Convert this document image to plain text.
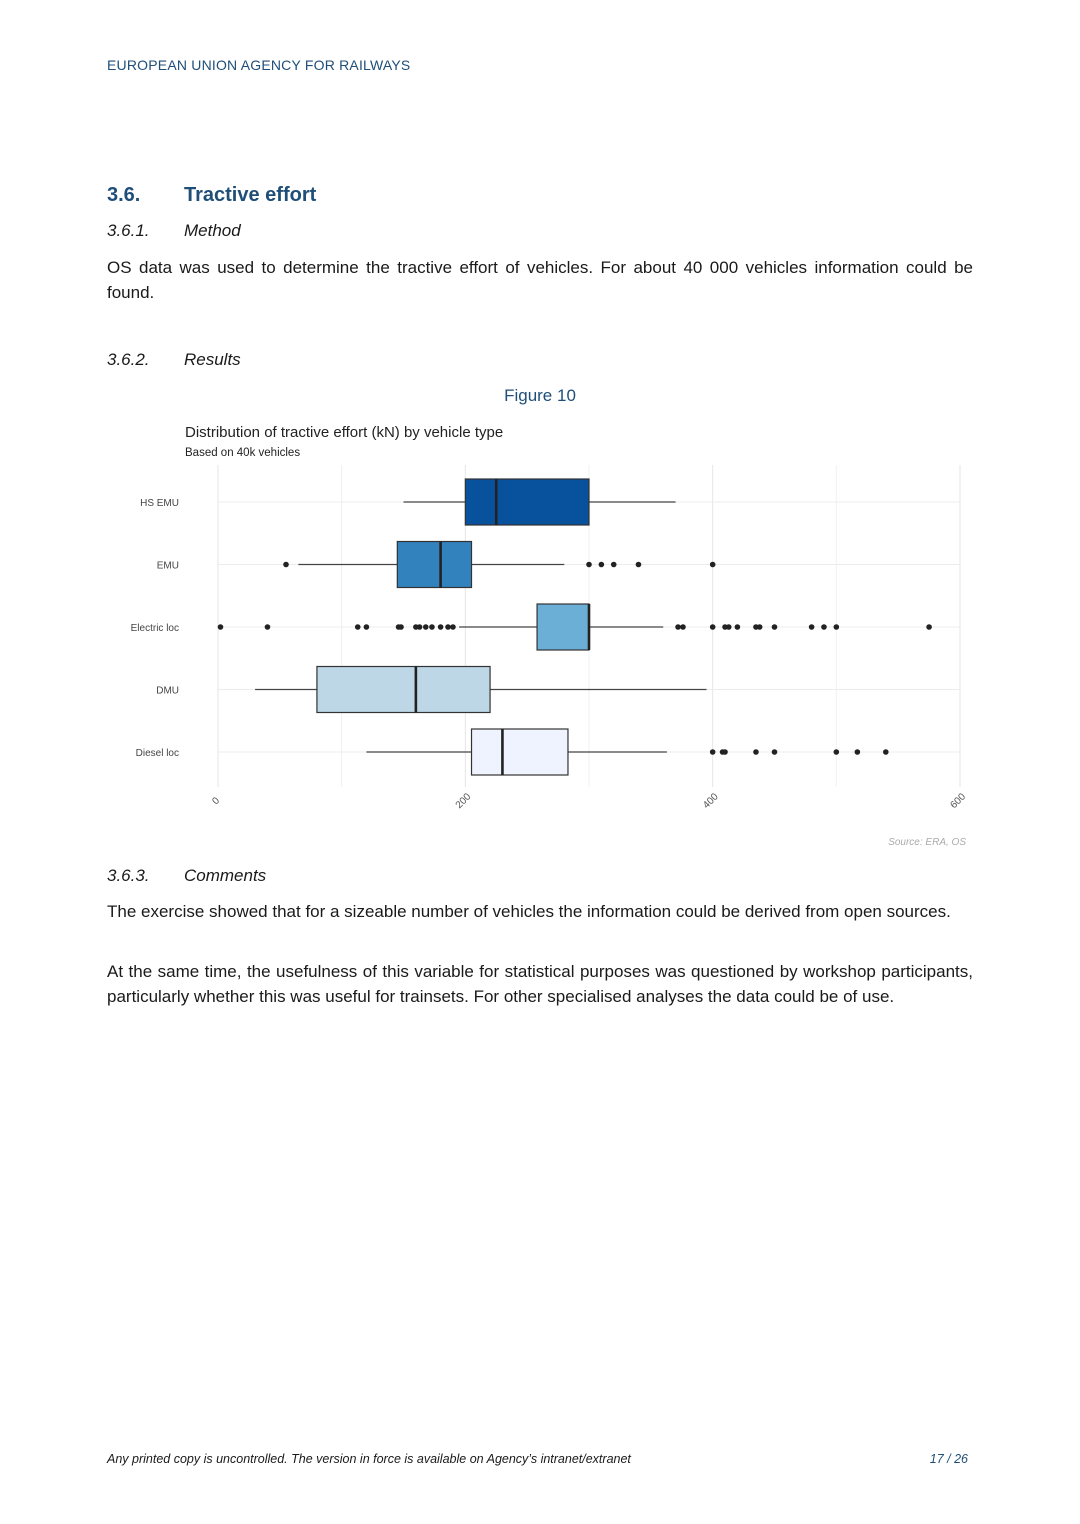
EUROPEAN UNION AGENCY FOR RAILWAYS
3.6. Tractive effort
3.6.1. Method
OS data was used to determine the tractive effort of vehicles. For about 40 000 vehicles information could be found.
3.6.2. Results
Figure 10
Distribution of tractive effort (kN) by vehicle type
Based on 40k vehicles
0	200	400	600
HS EMU
EMU
Electric loc
DMU
Diesel loc
Source: ERA, OS
3.6.3. Comments
The exercise showed that for a sizeable number of vehicles the information could be derived from open sources.
At the same time, the usefulness of this variable for statistical purposes was questioned by workshop participants, particularly whether this was useful for trainsets. For other specialised analyses the data could be of use.
Any printed copy is uncontrolled. The version in force is available on Agency’s intranet/extranet	17 / 26
